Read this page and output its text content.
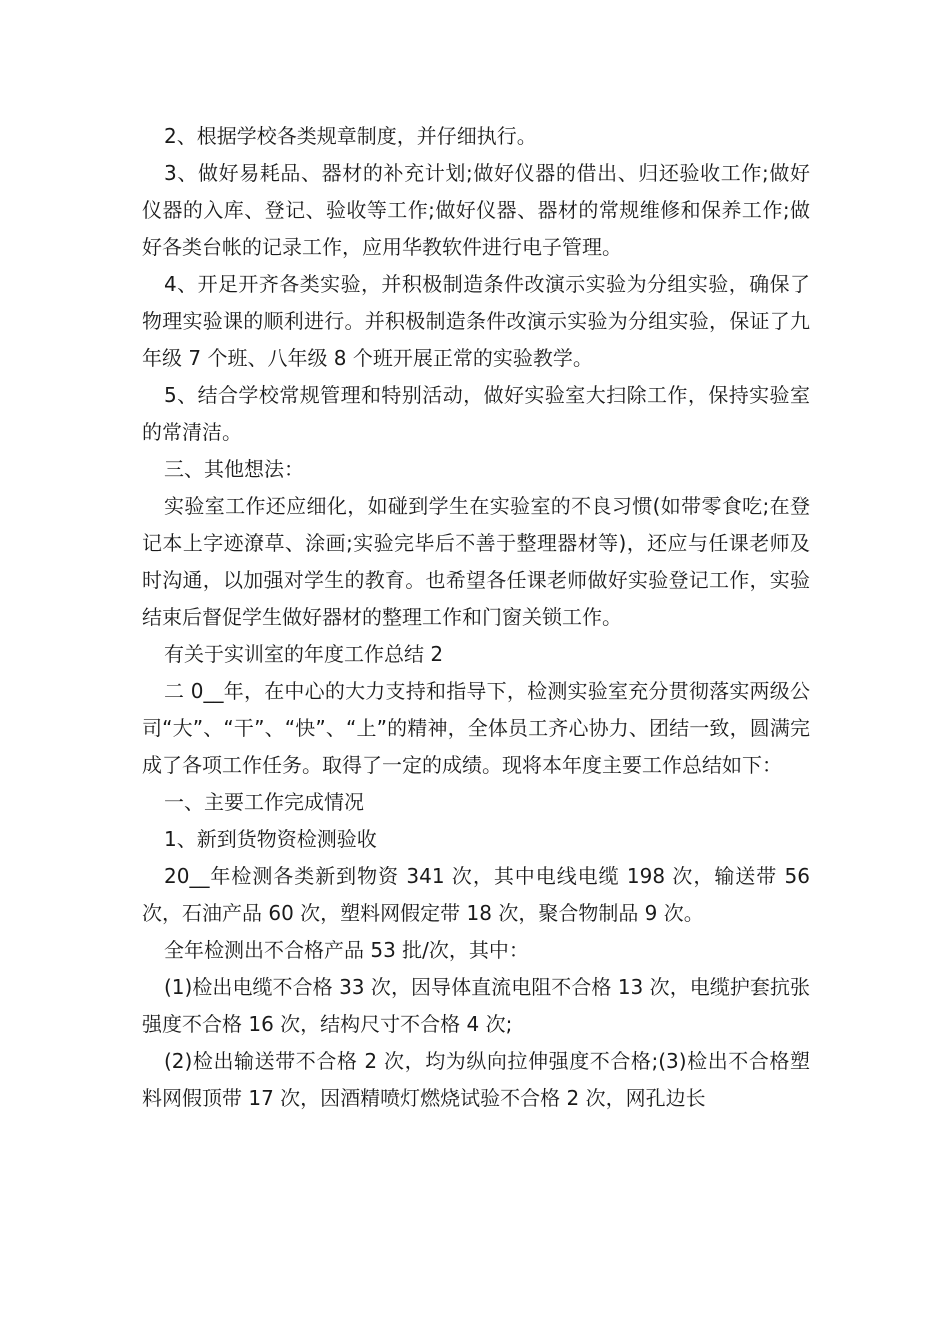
2、根据学校各类规章制度，并仔细执行。

3、做好易耗品、器材的补充计划;做好仪器的借出、归还验收工作;做好仪器的入库、登记、验收等工作;做好仪器、器材的常规维修和保养工作;做好各类台帐的记录工作，应用华教软件进行电子管理。

4、开足开齐各类实验，并积极制造条件改演示实验为分组实验，确保了物理实验课的顺利进行。并积极制造条件改演示实验为分组实验，保证了九年级 7 个班、八年级 8 个班开展正常的实验教学。

5、结合学校常规管理和特别活动，做好实验室大扫除工作，保持实验室的常清洁。

三、其他想法：

实验室工作还应细化，如碰到学生在实验室的不良习惯(如带零食吃;在登记本上字迹潦草、涂画;实验完毕后不善于整理器材等)，还应与任课老师及时沟通，以加强对学生的教育。也希望各任课老师做好实验登记工作，实验结束后督促学生做好器材的整理工作和门窗关锁工作。

有关于实训室的年度工作总结 2

二 0__年，在中心的大力支持和指导下，检测实验室充分贯彻落实两级公司“大”、“干”、“快”、“上”的精神，全体员工齐心协力、团结一致，圆满完成了各项工作任务。取得了一定的成绩。现将本年度主要工作总结如下：

一、主要工作完成情况

1、新到货物资检测验收

20__年检测各类新到物资 341 次，其中电线电缆 198 次，输送带 56 次，石油产品 60 次，塑料网假定带 18 次，聚合物制品 9 次。

全年检测出不合格产品 53 批/次，其中：

(1)检出电缆不合格 33 次，因导体直流电阻不合格 13 次，电缆护套抗张强度不合格 16 次，结构尺寸不合格 4 次;

(2)检出输送带不合格 2 次，均为纵向拉伸强度不合格;(3)检出不合格塑料网假顶带 17 次，因酒精喷灯燃烧试验不合格 2 次，网孔边长
